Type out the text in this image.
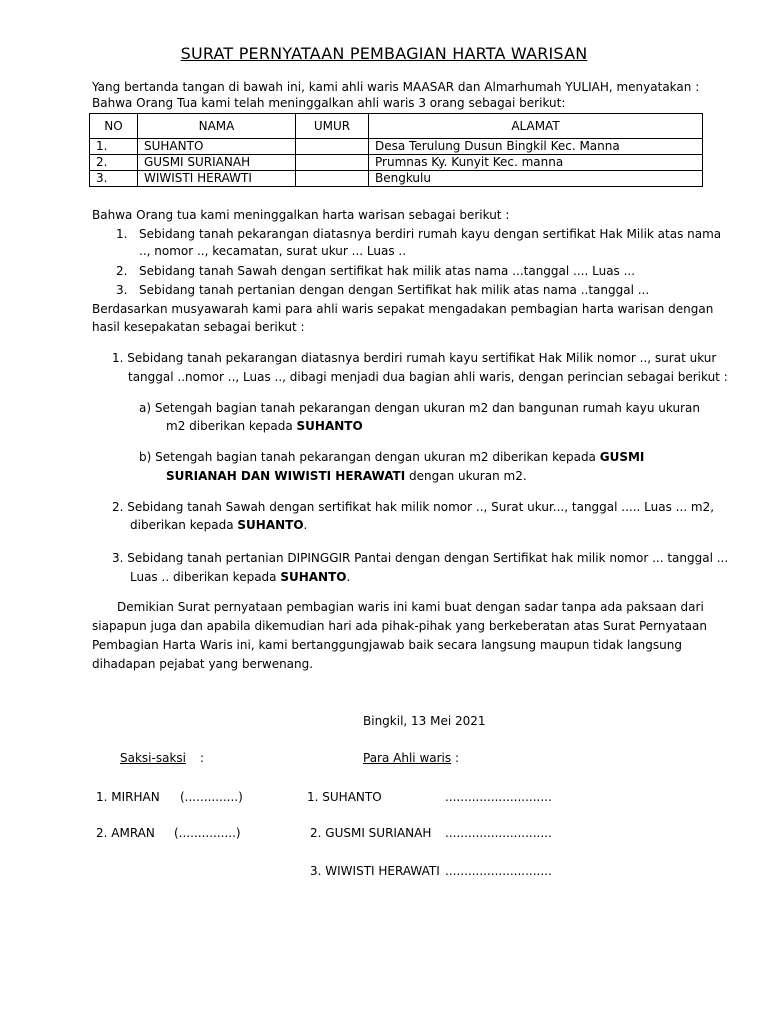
SURAT PERNYATAAN PEMBAGIAN HARTA WARISAN
Yang bertanda tangan di bawah ini, kami ahli waris MAASAR dan Almarhumah YULIAH, menyatakan :
Bahwa Orang Tua kami telah meninggalkan ahli waris 3 orang sebagai berikut:
NO	NAMA	UMUR	ALAMAT
1.	SUHANTO		Desa Terulung Dusun Bingkil Kec. Manna
2.	GUSMI SURIANAH		Prumnas Ky. Kunyit Kec. manna
3.	WIWISTI HERAWTI		Bengkulu
Bahwa Orang tua kami meninggalkan harta warisan sebagai berikut :
1. Sebidang tanah pekarangan diatasnya berdiri rumah kayu dengan sertifikat Hak Milik atas nama
.., nomor .., kecamatan, surat ukur ... Luas ..
2. Sebidang tanah Sawah dengan sertifikat hak milik atas nama ...tanggal .... Luas ...
3. Sebidang tanah pertanian dengan dengan Sertifikat hak milik atas nama ..tanggal ...
Berdasarkan musyawarah kami para ahli waris sepakat mengadakan pembagian harta warisan dengan
hasil kesepakatan sebagai berikut :
1. Sebidang tanah pekarangan diatasnya berdiri rumah kayu sertifikat Hak Milik nomor .., surat ukur
tanggal ..nomor .., Luas .., dibagi menjadi dua bagian ahli waris, dengan perincian sebagai berikut :
a) Setengah bagian tanah pekarangan dengan ukuran m2 dan bangunan rumah kayu ukuran
m2 diberikan kepada SUHANTO
b) Setengah bagian tanah pekarangan dengan ukuran m2 diberikan kepada GUSMI
SURIANAH DAN WIWISTI HERAWATI dengan ukuran m2.
2. Sebidang tanah Sawah dengan sertifikat hak milik nomor .., Surat ukur..., tanggal ..... Luas ... m2,
diberikan kepada SUHANTO.
3. Sebidang tanah pertanian DIPINGGIR Pantai dengan dengan Sertifikat hak milik nomor ... tanggal ...
Luas .. diberikan kepada SUHANTO.
Demikian Surat pernyataan pembagian waris ini kami buat dengan sadar tanpa ada paksaan dari
siapapun juga dan apabila dikemudian hari ada pihak-pihak yang berkeberatan atas Surat Pernyataan
Pembagian Harta Waris ini, kami bertanggungjawab baik secara langsung maupun tidak langsung
dihadapan pejabat yang berwenang.
Bingkil, 13 Mei 2021
Saksi-saksi :	Para Ahli waris :
1. MIRHAN (..............)
2. AMRAN (...............)
1. SUHANTO	............................
2. GUSMI SURIANAH ............................
3. WIWISTI HERAWATI ............................
